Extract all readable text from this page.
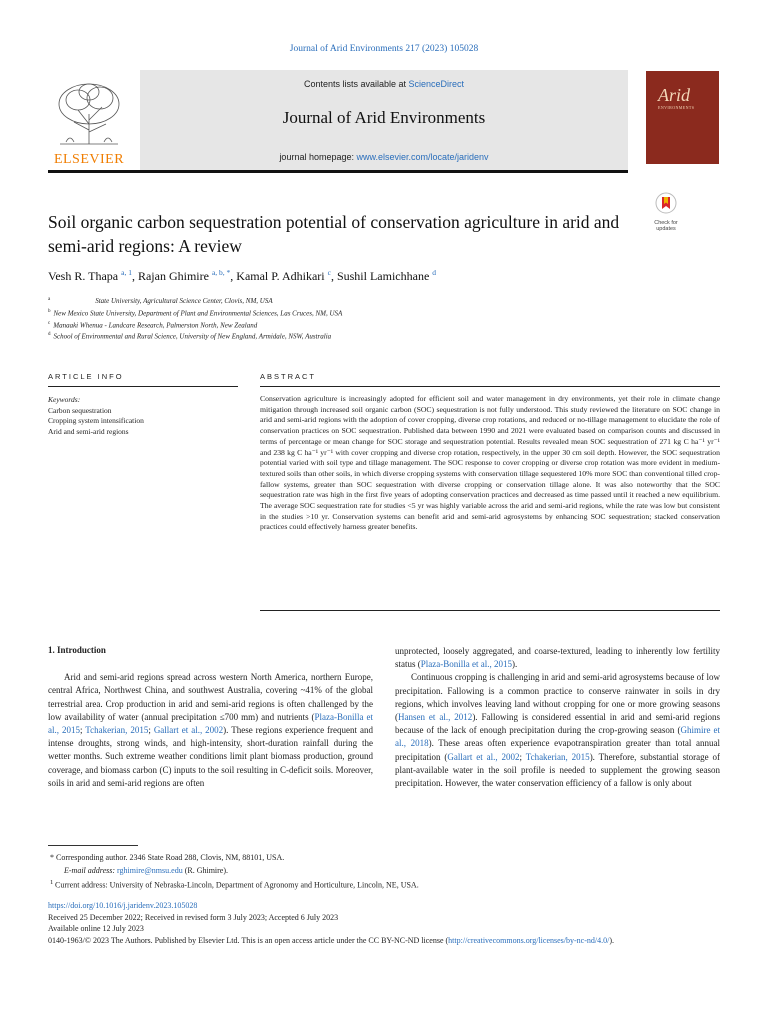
Journal of Arid Environments 217 (2023) 105028
ELSEVIER
Contents lists available at ScienceDirect
Journal of Arid Environments
journal homepage: www.elsevier.com/locate/jaridenv
Arid
ENVIRONMENTS
Check for updates
Soil organic carbon sequestration potential of conservation agriculture in arid and semi-arid regions: A review
Vesh R. Thapa $^{a, 1}$, Rajan Ghimire $^{a, b, *}$, Kamal P. Adhikari $^c$, Sushil Lamichhane $^d$
$^a$	State University, Agricultural Science Center, Clovis, NM, USA
$^b$ New Mexico State University, Department of Plant and Environmental Sciences, Las Cruces, NM, USA
$^c$ Manaaki Whenua - Landcare Research, Palmerston North, New Zealand
$^d$ School of Environmental and Rural Science, University of New England, Armidale, NSW, Australia
ARTICLE INFO	ABSTRACT
Keywords:
Carbon sequestration
Cropping system intensification
Arid and semi-arid regions
Conservation agriculture is increasingly adopted for efficient soil and water management in dry environments, yet their role in climate change mitigation through increased soil organic carbon (SOC) sequestration is not fully understood. This study reviewed the literature on SOC change in arid and semi-arid regions with the adoption of cover cropping, diverse crop rotations, and reduced or no-tillage management to elucidate the role of conservation practices on SOC sequestration. Published data between 1990 and 2021 were evaluated based on comparison counts and discussed in terms of percentage or mean change for SOC storage and sequestration potential. Results revealed mean SOC sequestration of 271 kg C ha⁻¹ yr⁻¹ and 238 kg C ha⁻¹ yr⁻¹ with cover cropping and diverse crop rotation, respectively, in the upper 30 cm soil depth. However, the SOC sequestration potential varied with soil type and tillage management. The SOC response to cover cropping or diverse crop rotation was more evident in medium-textured soils than other soils, in which diverse cropping systems with conservation tillage sequestered 10% more SOC than conventional tilled crop-fallow systems, greater than SOC sequestration with diverse cropping or conservation tillage alone. It was also noteworthy that the SOC sequestration rate was high in the first five years of adopting conservation practices and decreased as time passed until it reached a new equilibrium. The average SOC sequestration rate for studies <5 yr was highly variable across the arid and semi-arid regions, while the rate was low but consistent in the studies >10 yr. Conservation systems can benefit arid and semi-arid agrosystems by enhancing SOC sequestration; stacked conservation practices could effectively harness greater benefits.
1. Introduction

Arid and semi-arid regions spread across western North America, northern Europe, central Africa, Northwest China, and southwest Australia, covering ~41% of the global terrestrial area. Crop production in arid and semi-arid regions is often challenged by the low availability of water (annual precipitation ≤700 mm) and nutrients (Plaza-Bonilla et al., 2015; Tchakerian, 2015; Gallart et al., 2002). These regions experience frequent and intense droughts, strong winds, and high-intensity, short-duration rainfall during the wetter months. Such extreme weather conditions limit plant biomass production, ground coverage, and biomass carbon (C) inputs to the soil resulting in C-deficit soils. Moreover, soils in arid and semi-arid regions are often

unprotected, loosely aggregated, and coarse-textured, leading to inherently low fertility status (Plaza-Bonilla et al., 2015).

Continuous cropping is challenging in arid and semi-arid agrosystems because of low precipitation. Fallowing is a common practice to conserve rainwater in soils in dry regions, which involves leaving land without cropping for one or more growing seasons (Hansen et al., 2012). Fallowing is considered essential in arid and semi-arid regions because of the lack of enough precipitation during the crop-growing season (Ghimire et al., 2018). These areas often experience evapotranspiration greater than total annual precipitation (Gallart et al., 2002; Tchakerian, 2015). Therefore, substantial storage of plant-available water in the soil profile is needed to supplement the growing season precipitation. However, the water conservation efficiency of a fallow is only about

* Corresponding author. 2346 State Road 288, Clovis, NM, 88101, USA.
E-mail address: rghimire@nmsu.edu (R. Ghimire).
$^1$ Current address: University of Nebraska-Lincoln, Department of Agronomy and Horticulture, Lincoln, NE, USA.
https://doi.org/10.1016/j.jaridenv.2023.105028
Received 25 December 2022; Received in revised form 3 July 2023; Accepted 6 July 2023
Available online 12 July 2023
0140-1963/© 2023 The Authors. Published by Elsevier Ltd. This is an open access article under the CC BY-NC-ND license (http://creativecommons.org/licenses/by-nc-nd/4.0/).
